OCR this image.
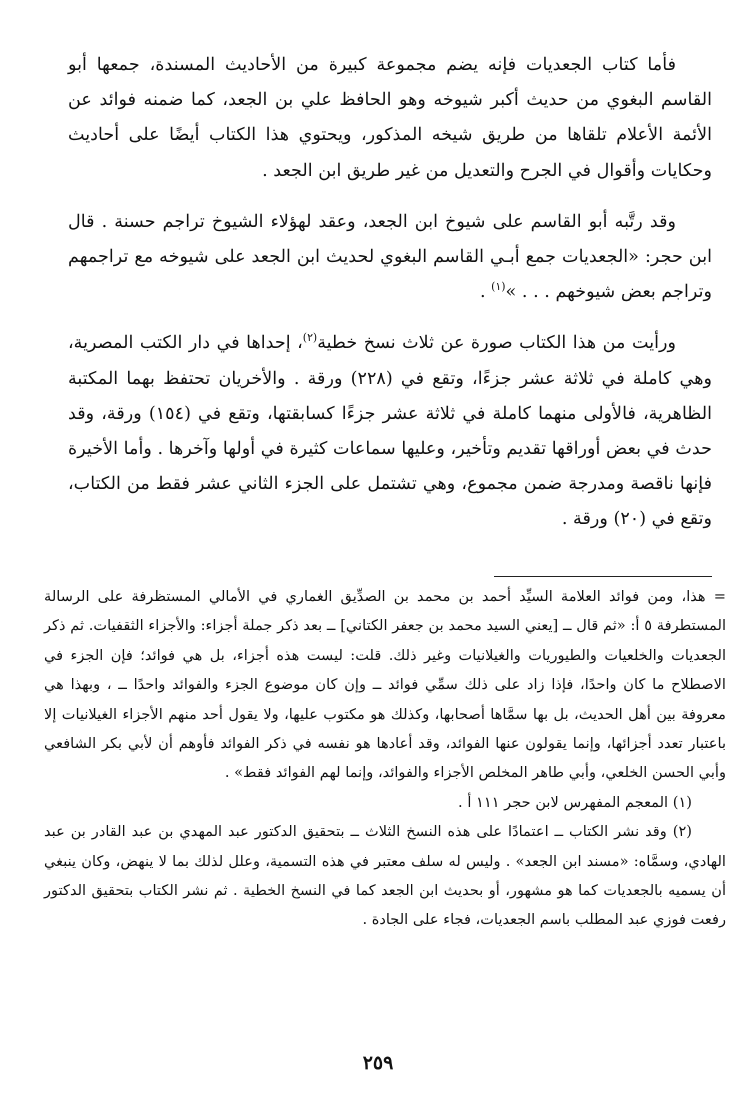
فأما كتاب الجعديات فإنه يضم مجموعة كبيرة من الأحاديث المسندة، جمعها أبو القاسم البغوي من حديث أكبر شيوخه وهو الحافظ علي بن الجعد، كما ضمنه فوائد عن الأئمة الأعلام تلقاها من طريق شيخه المذكور، ويحتوي هذا الكتاب أيضًا على أحاديث وحكايات وأقوال في الجرح والتعديل من غير طريق ابن الجعد .

وقد رتَّبه أبو القاسم على شيوخ ابن الجعد، وعقد لهؤلاء الشيوخ تراجم حسنة . قال ابن حجر: «الجعديات جمع أبـي القاسم البغوي لحديث ابن الجعد على شيوخه مع تراجمهم وتراجم بعض شيوخهم . . . »$^{(١)}$ .

ورأيت من هذا الكتاب صورة عن ثلاث نسخ خطية$^{(٢)}$، إحداها في دار الكتب المصرية، وهي كاملة في ثلاثة عشر جزءًا، وتقع في (٢٢٨) ورقة . والأخريان تحتفظ بهما المكتبة الظاهرية، فالأولى منهما كاملة في ثلاثة عشر جزءًا كسابقتها، وتقع في (١٥٤) ورقة، وقد حدث في بعض أوراقها تقديم وتأخير، وعليها سماعات كثيرة في أولها وآخرها . وأما الأخيرة فإنها ناقصة ومدرجة ضمن مجموع، وهي تشتمل على الجزء الثاني عشر فقط من الكتاب، وتقع في (٢٠) ورقة .

= هذا، ومن فوائد العلامة السيِّد أحمد بن محمد بن الصدِّيق الغماري في الأمالي المستظرفة على الرسالة المستطرفة ٥ أ: «ثم قال ــ [يعني السيد محمد بن جعفر الكتاني] ــ بعد ذكر جملة أجزاء: والأجزاء الثقفيات. ثم ذكر الجعديات والخلعيات والطيوريات والغيلانيات وغير ذلك. قلت: ليست هذه أجزاء، بل هي فوائد؛ فإن الجزء في الاصطلاح ما كان واحدًا، فإذا زاد على ذلك سمِّي فوائد ــ وإن كان موضوع الجزء والفوائد واحدًا ــ ، وبهذا هي معروفة بين أهل الحديث، بل بها سمَّاها أصحابها، وكذلك هو مكتوب عليها، ولا يقول أحد منهم الأجزاء الغيلانيات إلا باعتبار تعدد أجزائها، وإنما يقولون عنها الفوائد، وقد أعادها هو نفسه في ذكر الفوائد فأوهم أن لأبي بكر الشافعي وأبي الحسن الخلعي، وأبي طاهر المخلص الأجزاء والفوائد، وإنما لهم الفوائد فقط» .

(١) المعجم المفهرس لابن حجر ١١١ أ .

(٢) وقد نشر الكتاب ــ اعتمادًا على هذه النسخ الثلاث ــ بتحقيق الدكتور عبد المهدي بن عبد القادر بن عبد الهادي، وسمَّاه: «مسند ابن الجعد» . وليس له سلف معتبر في هذه التسمية، وعلل لذلك بما لا ينهض، وكان ينبغي أن يسميه بالجعديات كما هو مشهور، أو بحديث ابن الجعد كما في النسخ الخطية . ثم نشر الكتاب بتحقيق الدكتور رفعت فوزي عبد المطلب باسم الجعديات، فجاء على الجادة .

٢٥٩
